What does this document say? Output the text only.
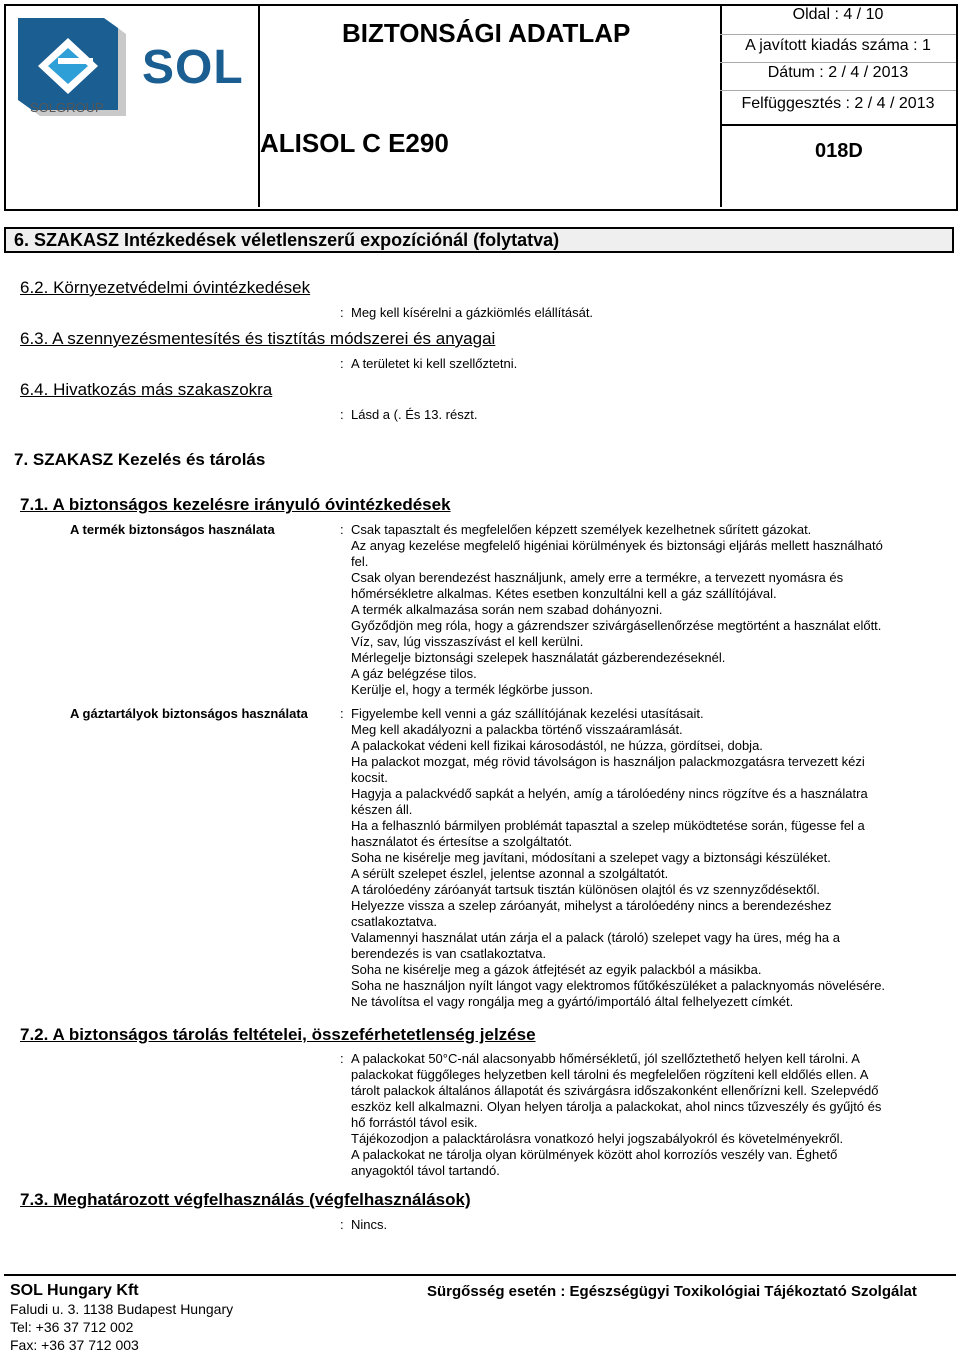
SOL
SOLGROUP
BIZTONSÁGI ADATLAP
ALISOL C E290
Oldal : 4 / 10
A javított kiadás száma : 1
Dátum : 2 / 4 / 2013
Felfüggesztés : 2 / 4 / 2013
018D
6. SZAKASZ Intézkedések véletlenszerű expozíciónál (folytatva)
6.2. Környezetvédelmi óvintézkedések
: Meg kell kísérelni a gázkiömlés elállítását.
6.3. A szennyezésmentesítés és tisztítás módszerei és anyagai
: A területet ki kell szellőztetni.
6.4. Hivatkozás más szakaszokra
: Lásd a (. És 13. részt.
7. SZAKASZ Kezelés és tárolás
7.1. A biztonságos kezelésre irányuló óvintézkedések
A termék biztonságos használata	: Csak tapasztalt és megfelelően képzett személyek kezelhetnek sűrített gázokat.
Az anyag kezelése megfelelő higéniai körülmények és biztonsági eljárás mellett használható
fel.
Csak olyan berendezést használjunk, amely erre a termékre, a tervezett nyomásra és
hőmérsékletre alkalmas. Kétes esetben konzultálni kell a gáz szállítójával.
A termék alkalmazása során nem szabad dohányozni.
Győződjön meg róla, hogy a gázrendszer szivárgásellenőrzése megtörtént a használat előtt.
Víz, sav, lúg visszaszívást el kell kerülni.
Mérlegelje biztonsági szelepek használatát gázberendezéseknél.
A gáz belégzése tilos.
Kerülje el, hogy a termék légkörbe jusson.
A gáztartályok biztonságos használata : Figyelembe kell venni a gáz szállítójának kezelési utasításait.
Meg kell akadályozni a palackba történő visszaáramlását.
A palackokat védeni kell fizikai károsodástól, ne húzza, gördítsei, dobja.
Ha palackot mozgat, még rövid távolságon is használjon palackmozgatásra tervezett kézi
kocsit.
Hagyja a palackvédő sapkát a helyén, amíg a tárolóedény nincs rögzítve és a használatra
készen áll.
Ha a felhasznló bármilyen problémát tapasztal a szelep müködtetése során, fügesse fel a
használatot és értesítse a szolgáltatót.
Soha ne kisérelje meg javítani, módosítani a szelepet vagy a biztonsági készüléket.
A sérült szelepet észlel, jelentse azonnal a szolgáltatót.
A tárolóedény záróanyát tartsuk tisztán különösen olajtól és vz szennyződésektől.
Helyezze vissza a szelep záróanyát, mihelyst a tárolóedény nincs a berendezéshez
csatlakoztatva.
Valamennyi használat után zárja el a palack (tároló) szelepet vagy ha üres, még ha a
berendezés is van csatlakoztatva.
Soha ne kisérelje meg a gázok átfejtését az egyik palackból a másikba.
Soha ne használjon nyílt lángot vagy elektromos fűtőkészüléket a palacknyomás növelésére.
Ne távolítsa el vagy rongálja meg a gyártó/importáló által felhelyezett címkét.
7.2. A biztonságos tárolás feltételei, összeférhetetlenség jelzése
: A palackokat 50°C-nál alacsonyabb hőmérsékletű, jól szellőztethető helyen kell tárolni. A
palackokat függőleges helyzetben kell tárolni és megfelelően rögzíteni kell eldőlés ellen. A
tárolt palackok általános állapotát és szivárgásra időszakonként ellenőrízni kell. Szelepvédő
eszköz kell alkalmazni. Olyan helyen tárolja a palackokat, ahol nincs tűzveszély és gyűjtó és
hő forrástól távol esik.
Tájékozodjon a palacktárolásra vonatkozó helyi jogszabályokról és követelményekről.
A palackokat ne tárolja olyan körülmények között ahol korrozíós veszély van. Éghető
anyagoktól távol tartandó.
7.3. Meghatározott végfelhasználás (végfelhasználások)
: Nincs.
SOL Hungary Kft
Faludi u. 3. 1138 Budapest Hungary
Tel: +36 37 712 002
Fax: +36 37 712 003
Sürgősség esetén : Egészségügyi Toxikológiai Tájékoztató Szolgálat
